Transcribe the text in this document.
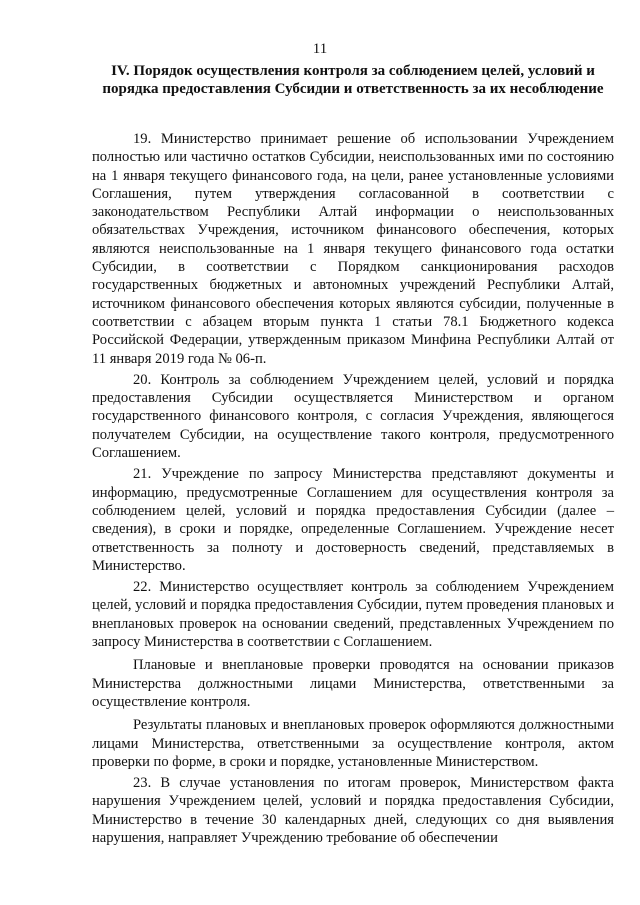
11
IV. Порядок осуществления контроля за соблюдением целей, условий и порядка предоставления Субсидии и ответственность за их несоблюдение

19. Министерство принимает решение об использовании Учреждением полностью или частично остатков Субсидии, неиспользованных ими по состоянию на 1 января текущего финансового года, на цели, ранее установленные условиями Соглашения, путем утверждения согласованной в соответствии с законодательством Республики Алтай информации о неиспользованных обязательствах Учреждения, источником финансового обеспечения, которых являются неиспользованные на 1 января текущего финансового года остатки Субсидии, в соответствии с Порядком санкционирования расходов государственных бюджетных и автономных учреждений Республики Алтай, источником финансового обеспечения которых являются субсидии, полученные в соответствии с абзацем вторым пункта 1 статьи 78.1 Бюджетного кодекса Российской Федерации, утвержденным приказом Минфина Республики Алтай от 11 января 2019 года № 06-п.

20. Контроль за соблюдением Учреждением целей, условий и порядка предоставления Субсидии осуществляется Министерством и органом государственного финансового контроля, с согласия Учреждения, являющегося получателем Субсидии, на осуществление такого контроля, предусмотренного Соглашением.

21. Учреждение по запросу Министерства представляют документы и информацию, предусмотренные Соглашением для осуществления контроля за соблюдением целей, условий и порядка предоставления Субсидии (далее – сведения), в сроки и порядке, определенные Соглашением. Учреждение несет ответственность за полноту и достоверность сведений, представляемых в Министерство.

22. Министерство осуществляет контроль за соблюдением Учреждением целей, условий и порядка предоставления Субсидии, путем проведения плановых и внеплановых проверок на основании сведений, представленных Учреждением по запросу Министерства в соответствии с Соглашением.

Плановые и внеплановые проверки проводятся на основании приказов Министерства должностными лицами Министерства, ответственными за осуществление контроля.

Результаты плановых и внеплановых проверок оформляются должностными лицами Министерства, ответственными за осуществление контроля, актом проверки по форме, в сроки и порядке, установленные Министерством.

23. В случае установления по итогам проверок, Министерством факта нарушения Учреждением целей, условий и порядка предоставления Субсидии, Министерство в течение 30 календарных дней, следующих со дня выявления нарушения, направляет Учреждению требование об обеспечении
